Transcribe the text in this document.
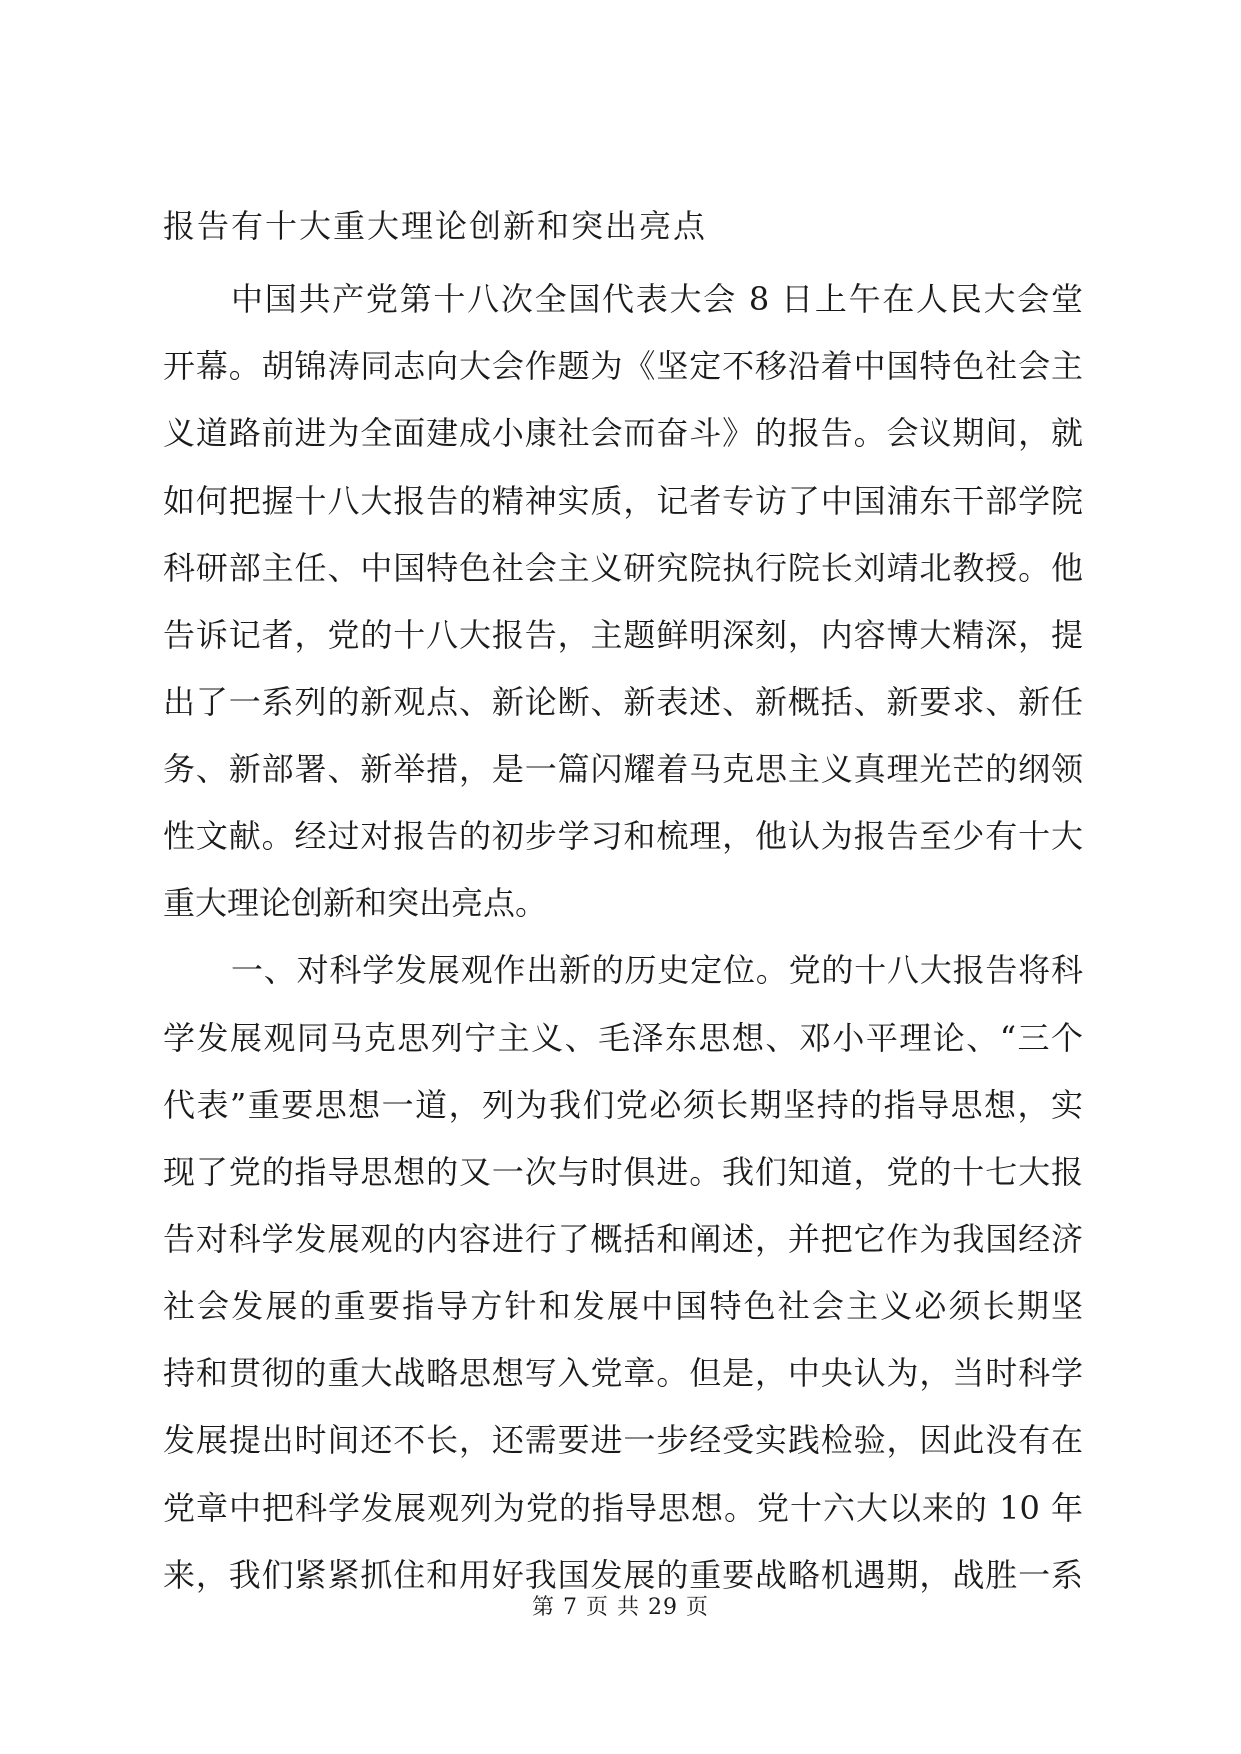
报告有十大重大理论创新和突出亮点
中国共产党第十八次全国代表大会 8 日上午在人民大会堂
开幕。胡锦涛同志向大会作题为《坚定不移沿着中国特色社会主
义道路前进为全面建成小康社会而奋斗》的报告。会议期间，就
如何把握十八大报告的精神实质，记者专访了中国浦东干部学院
科研部主任、中国特色社会主义研究院执行院长刘靖北教授。他
告诉记者，党的十八大报告，主题鲜明深刻，内容博大精深，提
出了一系列的新观点、新论断、新表述、新概括、新要求、新任
务、新部署、新举措，是一篇闪耀着马克思主义真理光芒的纲领
性文献。经过对报告的初步学习和梳理，他认为报告至少有十大
重大理论创新和突出亮点。
一、对科学发展观作出新的历史定位。党的十八大报告将科
学发展观同马克思列宁主义、毛泽东思想、邓小平理论、“三个
代表”重要思想一道，列为我们党必须长期坚持的指导思想，实
现了党的指导思想的又一次与时俱进。我们知道，党的十七大报
告对科学发展观的内容进行了概括和阐述，并把它作为我国经济
社会发展的重要指导方针和发展中国特色社会主义必须长期坚
持和贯彻的重大战略思想写入党章。但是，中央认为，当时科学
发展提出时间还不长，还需要进一步经受实践检验，因此没有在
党章中把科学发展观列为党的指导思想。党十六大以来的 10 年
来，我们紧紧抓住和用好我国发展的重要战略机遇期，战胜一系
第 7 页 共 29 页
